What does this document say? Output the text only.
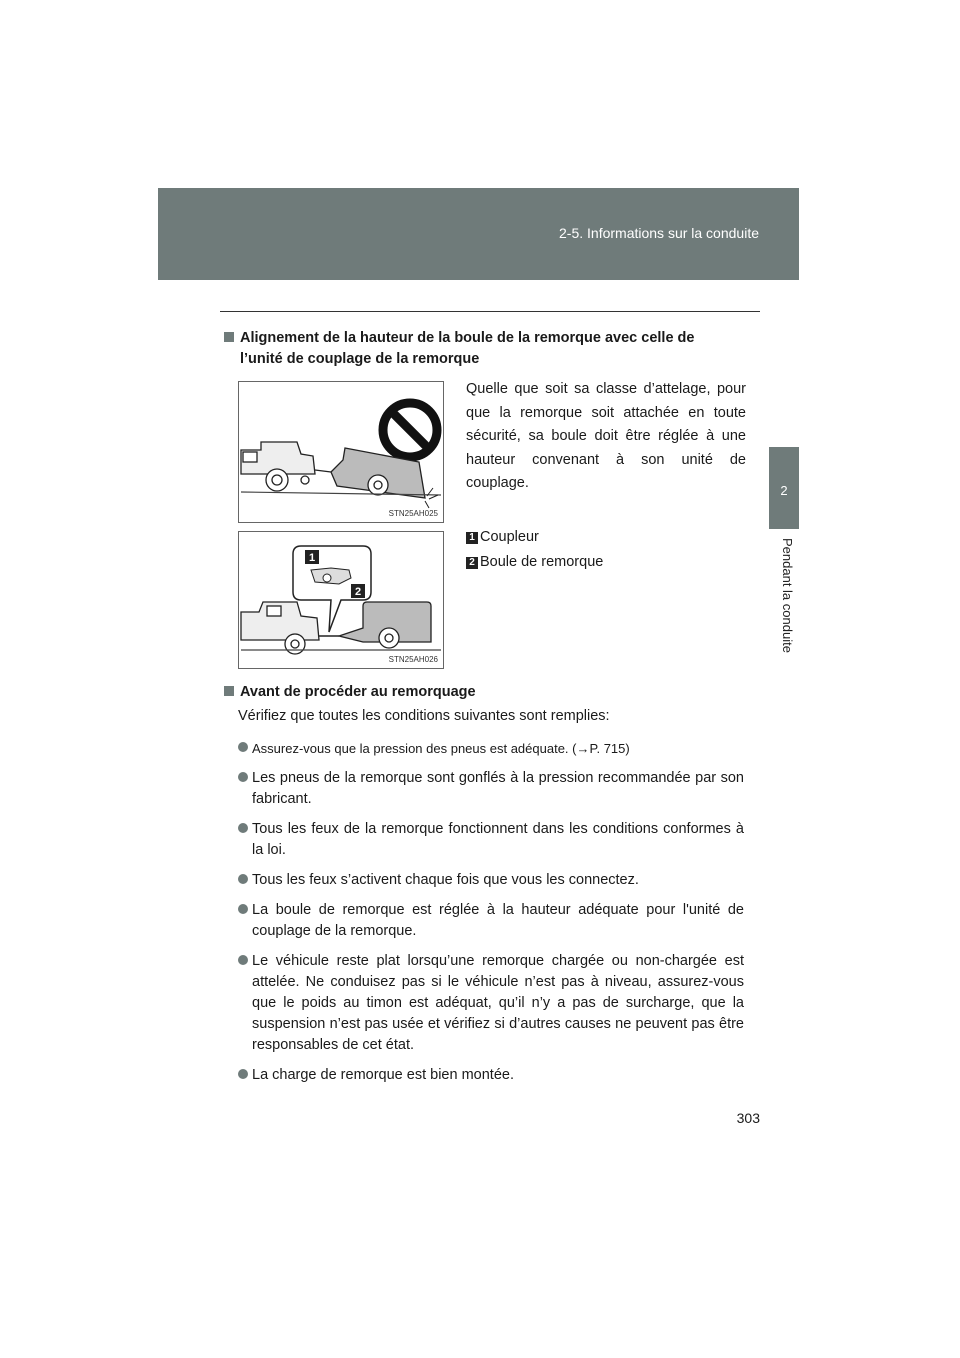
2-5. Informations sur la conduite
2
Pendant la conduite
Alignement de la hauteur de la boule de la remorque avec celle de
l’unité de couplage de la remorque
STN25AH025
1
2
STN25AH026
Quelle que soit sa classe d’attelage, pour que la remorque soit attachée en toute sécurité, sa boule doit être réglée à une hauteur convenant à son unité de couplage.
1 Coupleur
2 Boule de remorque
Avant de procéder au remorquage
Vérifiez que toutes les conditions suivantes sont remplies:
Assurez-vous que la pression des pneus est adéquate. (→P. 715)
Les pneus de la remorque sont gonflés à la pression recommandée par son fabricant.
Tous les feux de la remorque fonctionnent dans les conditions conformes à la loi.
Tous les feux s’activent chaque fois que vous les connectez.
La boule de remorque est réglée à la hauteur adéquate pour l'unité de couplage de la remorque.
Le véhicule reste plat lorsqu’une remorque chargée ou non-chargée est attelée. Ne conduisez pas si le véhicule n’est pas à niveau, assurez-vous que le poids au timon est adéquat, qu’il n’y a pas de surcharge, que la suspension n’est pas usée et vérifiez si d’autres causes ne peuvent pas être responsables de cet état.
La charge de remorque est bien montée.
303
